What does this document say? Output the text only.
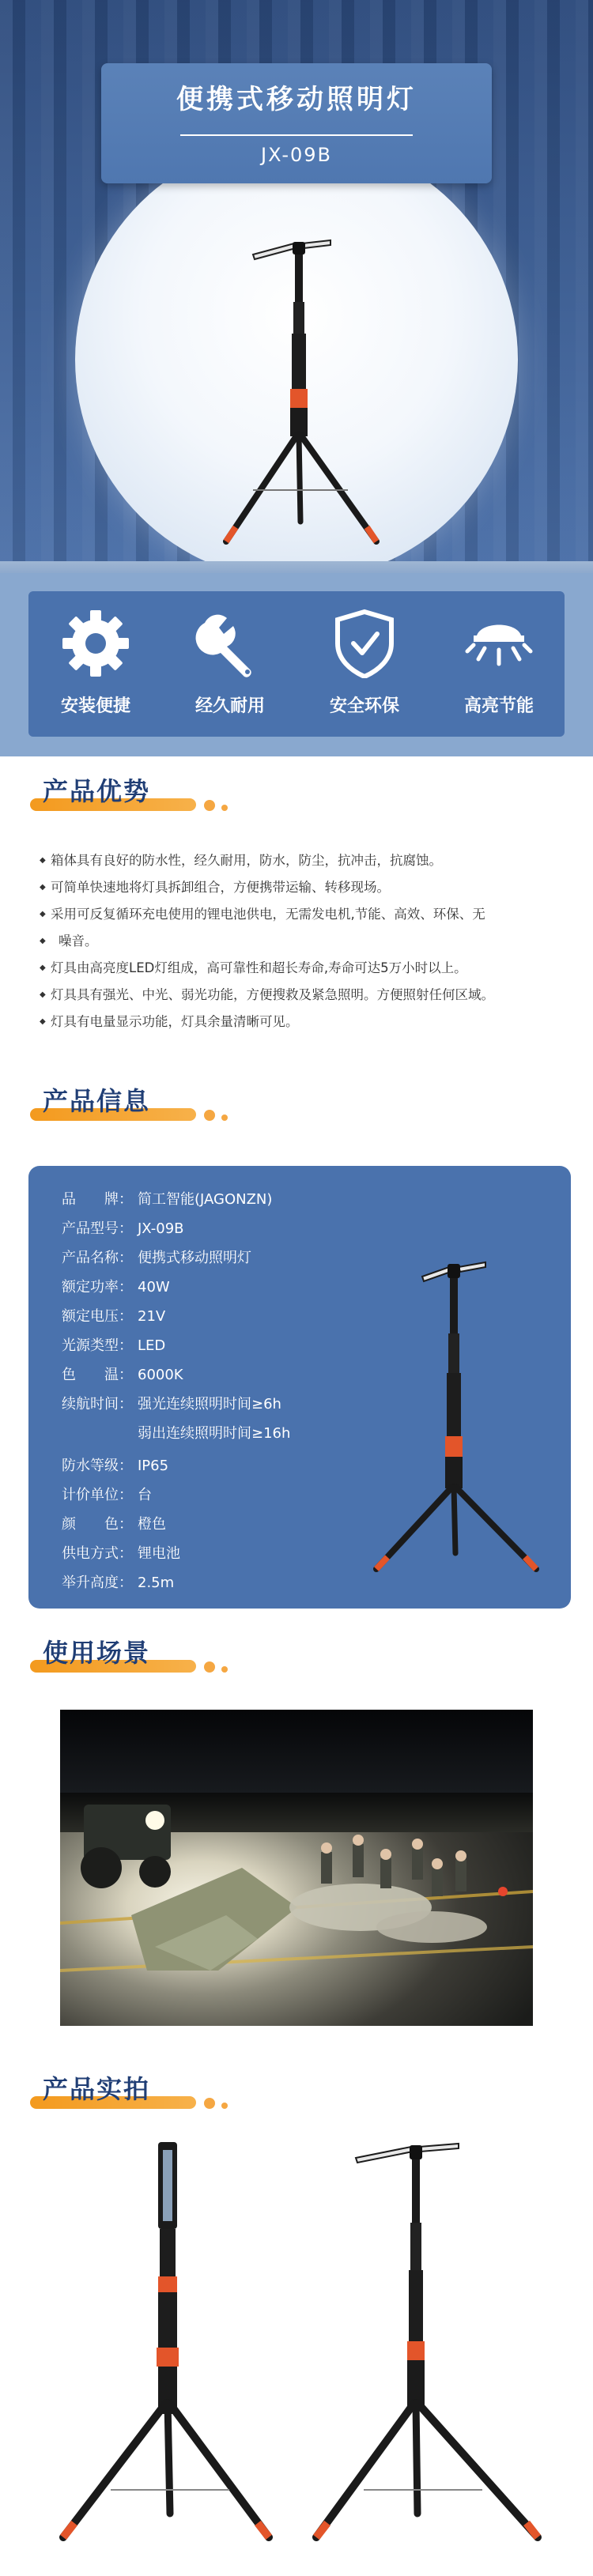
便携式移动照明灯
JX-09B
安装便捷	经久耐用	安全环保	高亮节能
产品优势
◆ 箱体具有良好的防水性，经久耐用，防水，防尘，抗冲击，抗腐蚀。
◆ 可简单快速地将灯具拆卸组合，方便携带运输、转移现场。
◆ 采用可反复循环充电使用的锂电池供电，无需发电机,节能、高效、环保、无
◆ 噪音。
◆ 灯具由高亮度LED灯组成，高可靠性和超长寿命,寿命可达5万小时以上。
◆ 灯具具有强光、中光、弱光功能，方便搜救及紧急照明。方便照射任何区域。
◆ 灯具有电量显示功能，灯具余量清晰可见。
产品信息
品　　牌： 简工智能(JAGONZN)
产品型号： JX-09B
产品名称： 便携式移动照明灯
额定功率： 40W
额定电压： 21V
光源类型： LED
色　　温： 6000K
续航时间： 强光连续照明时间≥6h
弱出连续照明时间≥16h
防水等级： IP65
计价单位： 台
颜　　色： 橙色
供电方式： 锂电池
举升高度： 2.5m
使用场景
产品实拍
